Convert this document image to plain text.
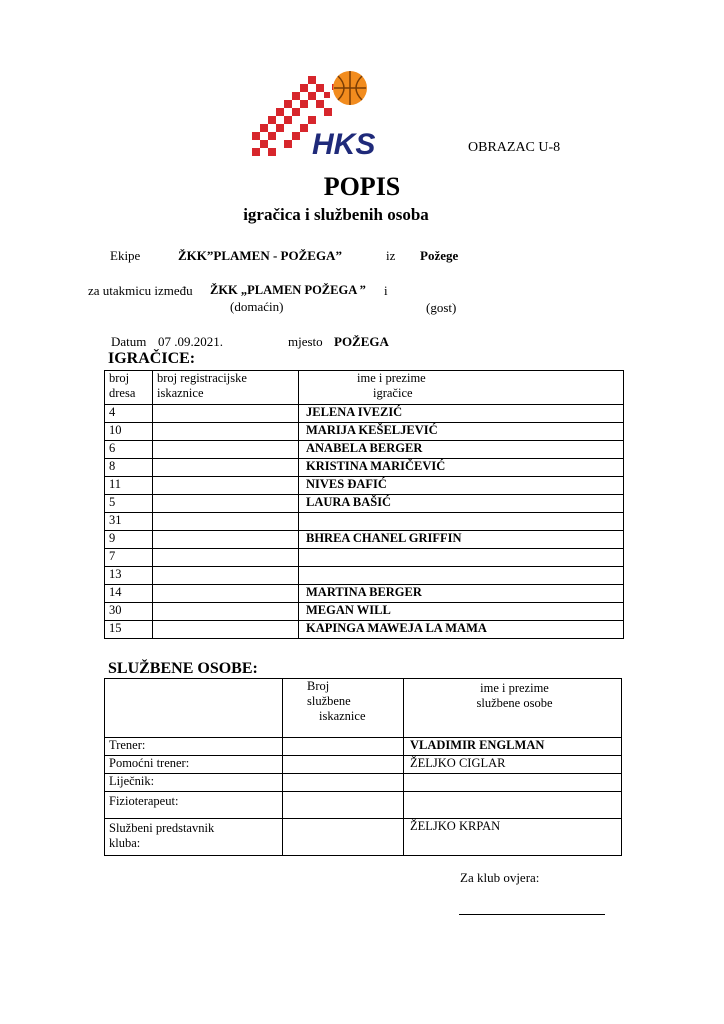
HKS	OBRAZAC U-8
POPIS
igračica i službenih osoba
Ekipe	ŽKK”PLAMEN - POŽEGA”	iz Požege
za utakmicu između ŽKK „PLAMEN POŽEGA ” i
(domaćin)	(gost)
Datum 07 .09.2021.	mjesto POŽEGA
IGRAČICE:
broj
dresa	broj registracijske
iskaznice	ime i prezime
igračice
4		JELENA IVEZIĆ
10		MARIJA KEŠELJEVIĆ
6		ANABELA BERGER
8		KRISTINA MARIČEVIĆ
11		NIVES ĐAFIĆ
5		LAURA BAŠIĆ
31		
9		BHREA CHANEL GRIFFIN
7		
13		
14		MARTINA BERGER
30		MEGAN WILL
15		KAPINGA MAWEJA LA MAMA
SLUŽBENE OSOBE:
	Broj
službene
iskaznice	ime i prezime
službene osobe
Trener:		VLADIMIR ENGLMAN
Pomoćni trener:		ŽELJKO CIGLAR
Liječnik:		
Fizioterapeut:		
Službeni predstavnik
kluba:		ŽELJKO KRPAN
Za klub ovjera:
